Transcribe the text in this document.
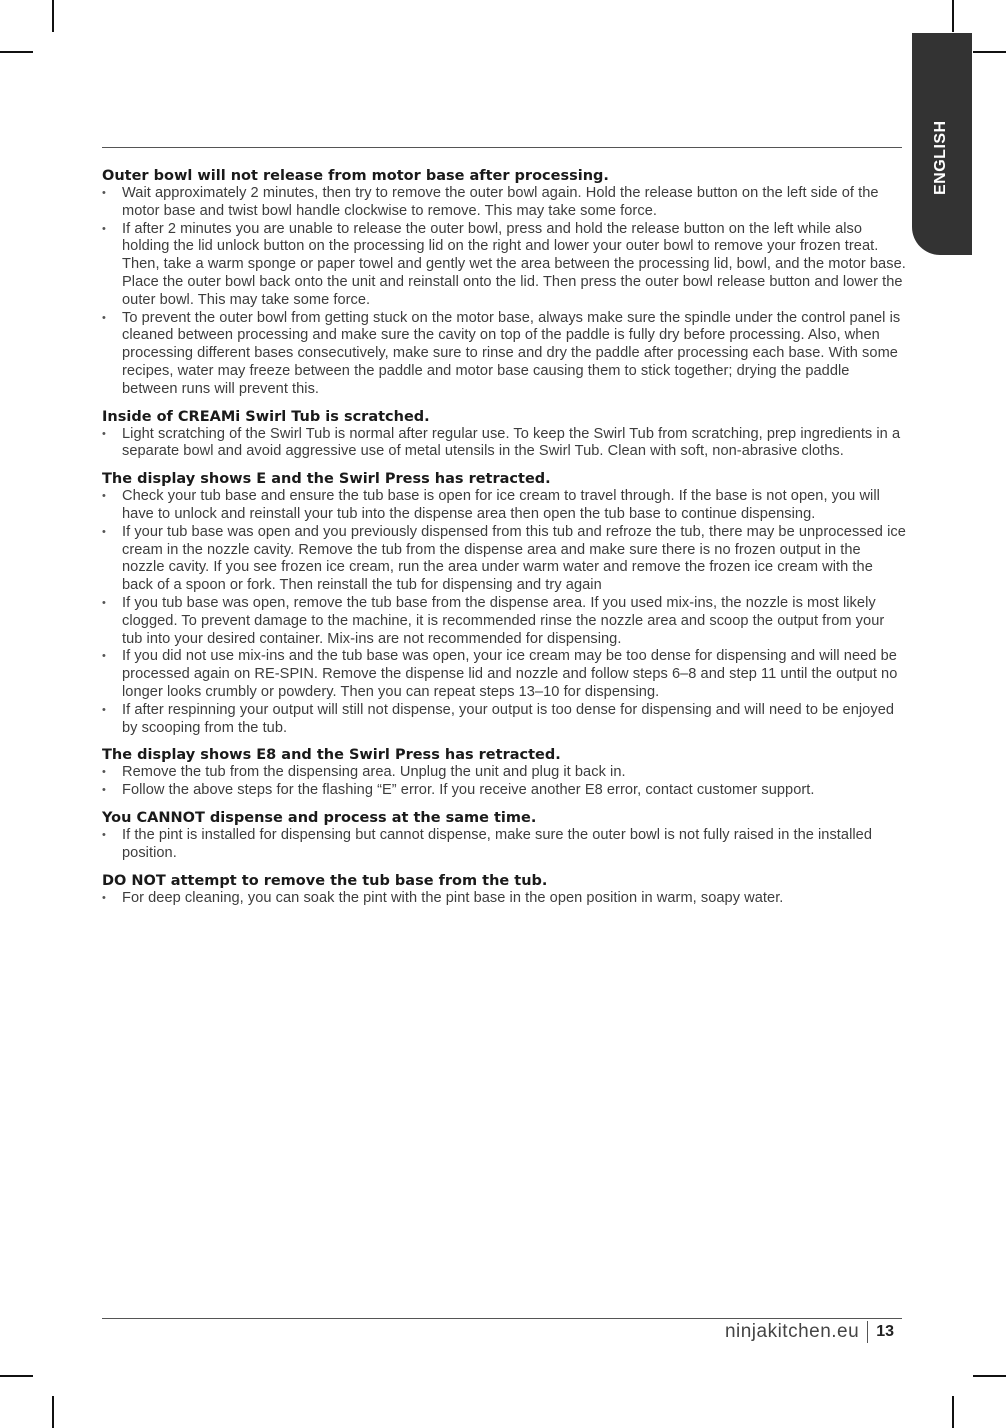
ENGLISH
Outer bowl will not release from motor base after processing.
•	Wait approximately 2 minutes, then try to remove the outer bowl again. Hold the release button on the left side of the motor base and twist bowl handle clockwise to remove. This may take some force.
•	If after 2 minutes you are unable to release the outer bowl, press and hold the release button on the left while also holding the lid unlock button on the processing lid on the right and lower your outer bowl to remove your frozen treat. Then, take a warm sponge or paper towel and gently wet the area between the processing lid, bowl, and the motor base. Place the outer bowl back onto the unit and reinstall onto the lid. Then press the outer bowl release button and lower the outer bowl. This may take some force.
•	To prevent the outer bowl from getting stuck on the motor base, always make sure the spindle under the control panel is cleaned between processing and make sure the cavity on top of the paddle is fully dry before processing. Also, when processing different bases consecutively, make sure to rinse and dry the paddle after processing each base. With some recipes, water may freeze between the paddle and motor base causing them to stick together; drying the paddle between runs will prevent this.
Inside of CREAMi Swirl Tub is scratched.
•	Light scratching of the Swirl Tub is normal after regular use. To keep the Swirl Tub from scratching, prep ingredients in a separate bowl and avoid aggressive use of metal utensils in the Swirl Tub. Clean with soft, non-abrasive cloths.
The display shows E and the Swirl Press has retracted.
•	Check your tub base and ensure the tub base is open for ice cream to travel through. If the base is not open, you will have to unlock and reinstall your tub into the dispense area then open the tub base to continue dispensing.
•	If your tub base was open and you previously dispensed from this tub and refroze the tub, there may be unprocessed ice cream in the nozzle cavity. Remove the tub from the dispense area and make sure there is no frozen output in the nozzle cavity. If you see frozen ice cream, run the area under warm water and remove the frozen ice cream with the back of a spoon or fork. Then reinstall the tub for dispensing and try again
•	If you tub base was open, remove the tub base from the dispense area. If you used mix-ins, the nozzle is most likely clogged. To prevent damage to the machine, it is recommended rinse the nozzle area and scoop the output from your tub into your desired container. Mix-ins are not recommended for dispensing.
•	If you did not use mix-ins and the tub base was open, your ice cream may be too dense for dispensing and will need be processed again on RE-SPIN. Remove the dispense lid and nozzle and follow steps 6–8 and step 11 until the output no longer looks crumbly or powdery. Then you can repeat steps 13–10 for dispensing.
•	If after respinning your output will still not dispense, your output is too dense for dispensing and will need to be enjoyed by scooping from the tub.
The display shows E8 and the Swirl Press has retracted.
•	Remove the tub from the dispensing area. Unplug the unit and plug it back in.
•	Follow the above steps for the flashing “E” error. If you receive another E8 error, contact customer support.
You CANNOT dispense and process at the same time.
•	If the pint is installed for dispensing but cannot dispense, make sure the outer bowl is not fully raised in the installed position.
DO NOT attempt to remove the tub base from the tub.
•	For deep cleaning, you can soak the pint with the pint base in the open position in warm, soapy water.
ninjakitchen.eu	13
